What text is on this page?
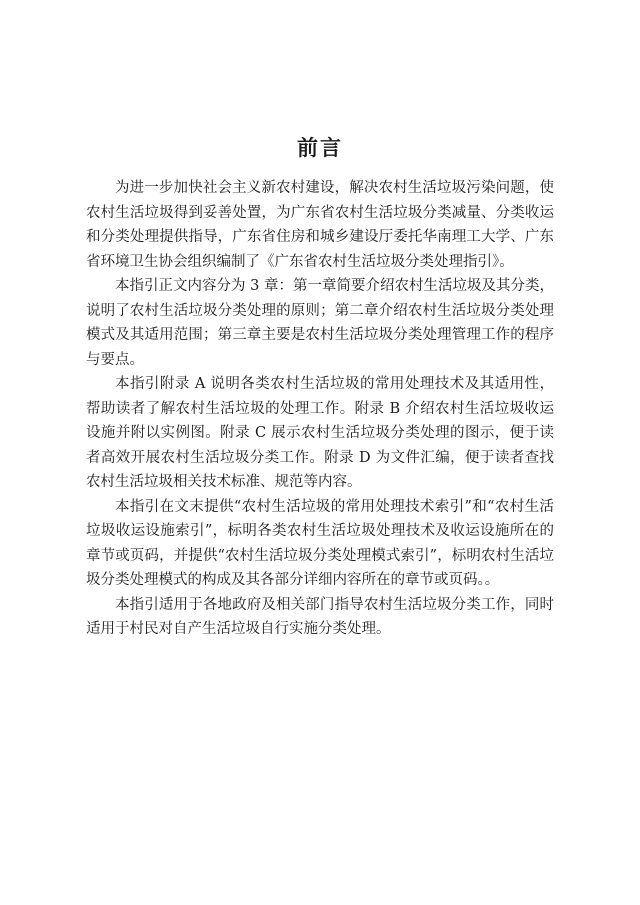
前言

为进一步加快社会主义新农村建设，解决农村生活垃圾污染问题，使农村生活垃圾得到妥善处置，为广东省农村生活垃圾分类减量、分类收运和分类处理提供指导，广东省住房和城乡建设厅委托华南理工大学、广东省环境卫生协会组织编制了《广东省农村生活垃圾分类处理指引》。

本指引正文内容分为 3 章：第一章简要介绍农村生活垃圾及其分类，说明了农村生活垃圾分类处理的原则；第二章介绍农村生活垃圾分类处理模式及其适用范围；第三章主要是农村生活垃圾分类处理管理工作的程序与要点。

本指引附录 A 说明各类农村生活垃圾的常用处理技术及其适用性，帮助读者了解农村生活垃圾的处理工作。附录 B 介绍农村生活垃圾收运设施并附以实例图。附录 C 展示农村生活垃圾分类处理的图示，便于读者高效开展农村生活垃圾分类工作。附录 D 为文件汇编，便于读者查找农村生活垃圾相关技术标准、规范等内容。

本指引在文末提供“农村生活垃圾的常用处理技术索引”和“农村生活垃圾收运设施索引”，标明各类农村生活垃圾处理技术及收运设施所在的章节或页码，并提供“农村生活垃圾分类处理模式索引”，标明农村生活垃圾分类处理模式的构成及其各部分详细内容所在的章节或页码。。

本指引适用于各地政府及相关部门指导农村生活垃圾分类工作，同时适用于村民对自产生活垃圾自行实施分类处理。
